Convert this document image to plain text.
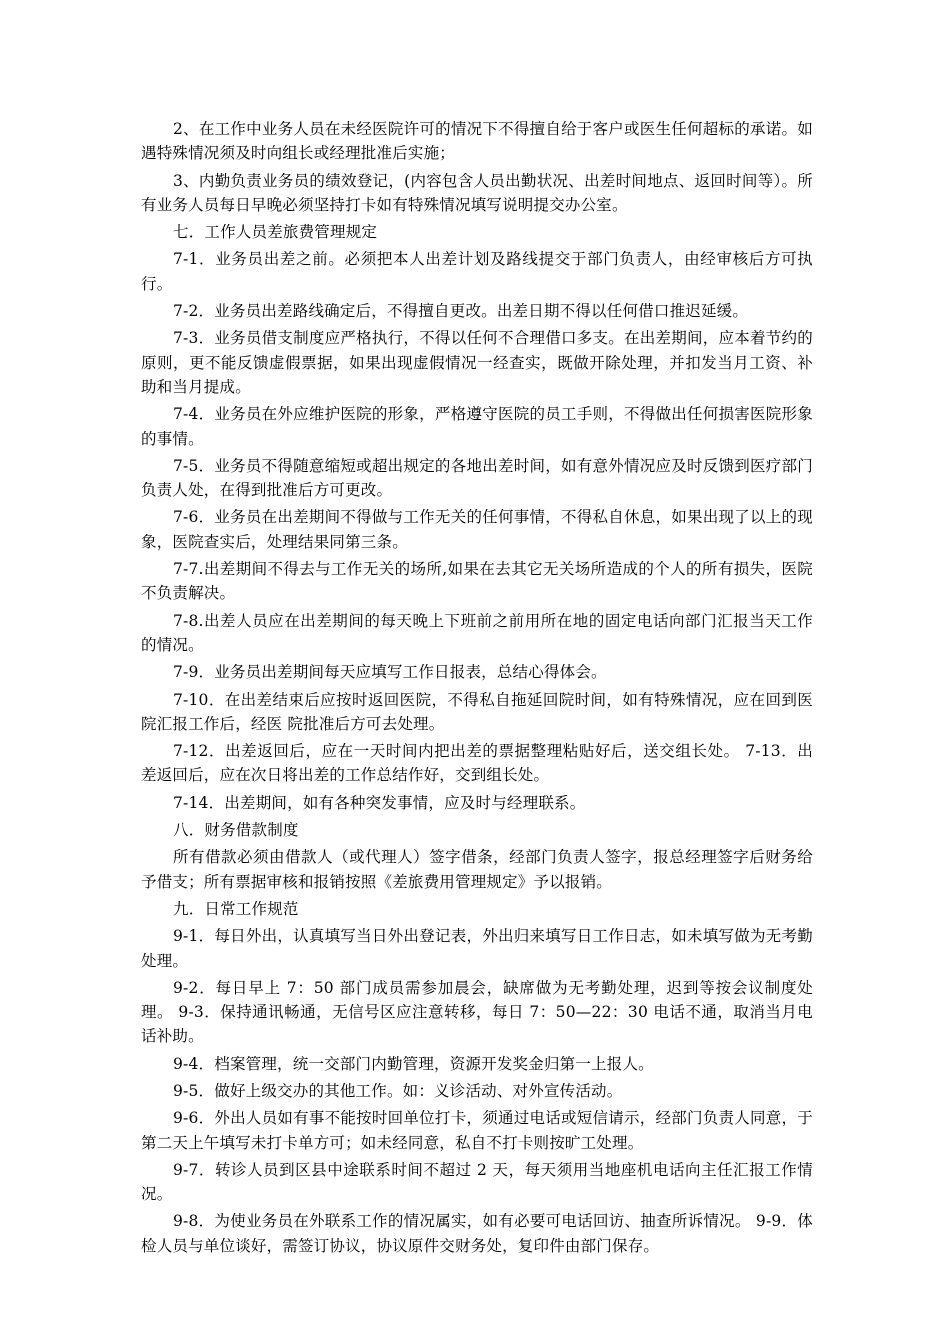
2、在工作中业务人员在未经医院许可的情况下不得擅自给于客户或医生任何超标的承诺。如遇特殊情况须及时向组长或经理批准后实施；

3、内勤负责业务员的绩效登记，(内容包含人员出勤状况、出差时间地点、返回时间等）。所有业务人员每日早晚必须坚持打卡如有特殊情况填写说明提交办公室。

七．工作人员差旅费管理规定

7-1．业务员出差之前。必须把本人出差计划及路线提交于部门负责人，由经审核后方可执行。

7-2．业务员出差路线确定后，不得擅自更改。出差日期不得以任何借口推迟延缓。

7-3．业务员借支制度应严格执行，不得以任何不合理借口多支。在出差期间，应本着节约的原则，更不能反馈虚假票据，如果出现虚假情况一经查实，既做开除处理，并扣发当月工资、补助和当月提成。

7-4．业务员在外应维护医院的形象，严格遵守医院的员工手则，不得做出任何损害医院形象的事情。

7-5．业务员不得随意缩短或超出规定的各地出差时间，如有意外情况应及时反馈到医疗部门负责人处，在得到批准后方可更改。

7-6．业务员在出差期间不得做与工作无关的任何事情，不得私自休息，如果出现了以上的现象，医院查实后，处理结果同第三条。

7-7.出差期间不得去与工作无关的场所,如果在去其它无关场所造成的个人的所有损失，医院不负责解决。

7-8.出差人员应在出差期间的每天晚上下班前之前用所在地的固定电话向部门汇报当天工作的情况。

7-9．业务员出差期间每天应填写工作日报表，总结心得体会。

7-10．在出差结束后应按时返回医院，不得私自拖延回院时间，如有特殊情况，应在回到医院汇报工作后，经医 院批准后方可去处理。

7-12．出差返回后，应在一天时间内把出差的票据整理粘贴好后，送交组长处。 7-13．出差返回后，应在次日将出差的工作总结作好，交到组长处。

7-14．出差期间，如有各种突发事情，应及时与经理联系。

八．财务借款制度

所有借款必须由借款人（或代理人）签字借条，经部门负责人签字，报总经理签字后财务给予借支；所有票据审核和报销按照《差旅费用管理规定》予以报销。

九．日常工作规范

9-1．每日外出，认真填写当日外出登记表，外出归来填写日工作日志，如未填写做为无考勤处理。

9-2．每日早上 7：50 部门成员需参加晨会，缺席做为无考勤处理，迟到等按会议制度处理。 9-3．保持通讯畅通，无信号区应注意转移，每日 7：50—22：30 电话不通，取消当月电话补助。

9-4．档案管理，统一交部门内勤管理，资源开发奖金归第一上报人。

9-5．做好上级交办的其他工作。如：义诊活动、对外宣传活动。

9-6．外出人员如有事不能按时回单位打卡，须通过电话或短信请示，经部门负责人同意，于第二天上午填写未打卡单方可；如未经同意，私自不打卡则按旷工处理。

9-7．转诊人员到区县中途联系时间不超过 2 天，每天须用当地座机电话向主任汇报工作情况。

9-8．为使业务员在外联系工作的情况属实，如有必要可电话回访、抽查所诉情况。 9-9．体检人员与单位谈好，需签订协议，协议原件交财务处，复印件由部门保存。
